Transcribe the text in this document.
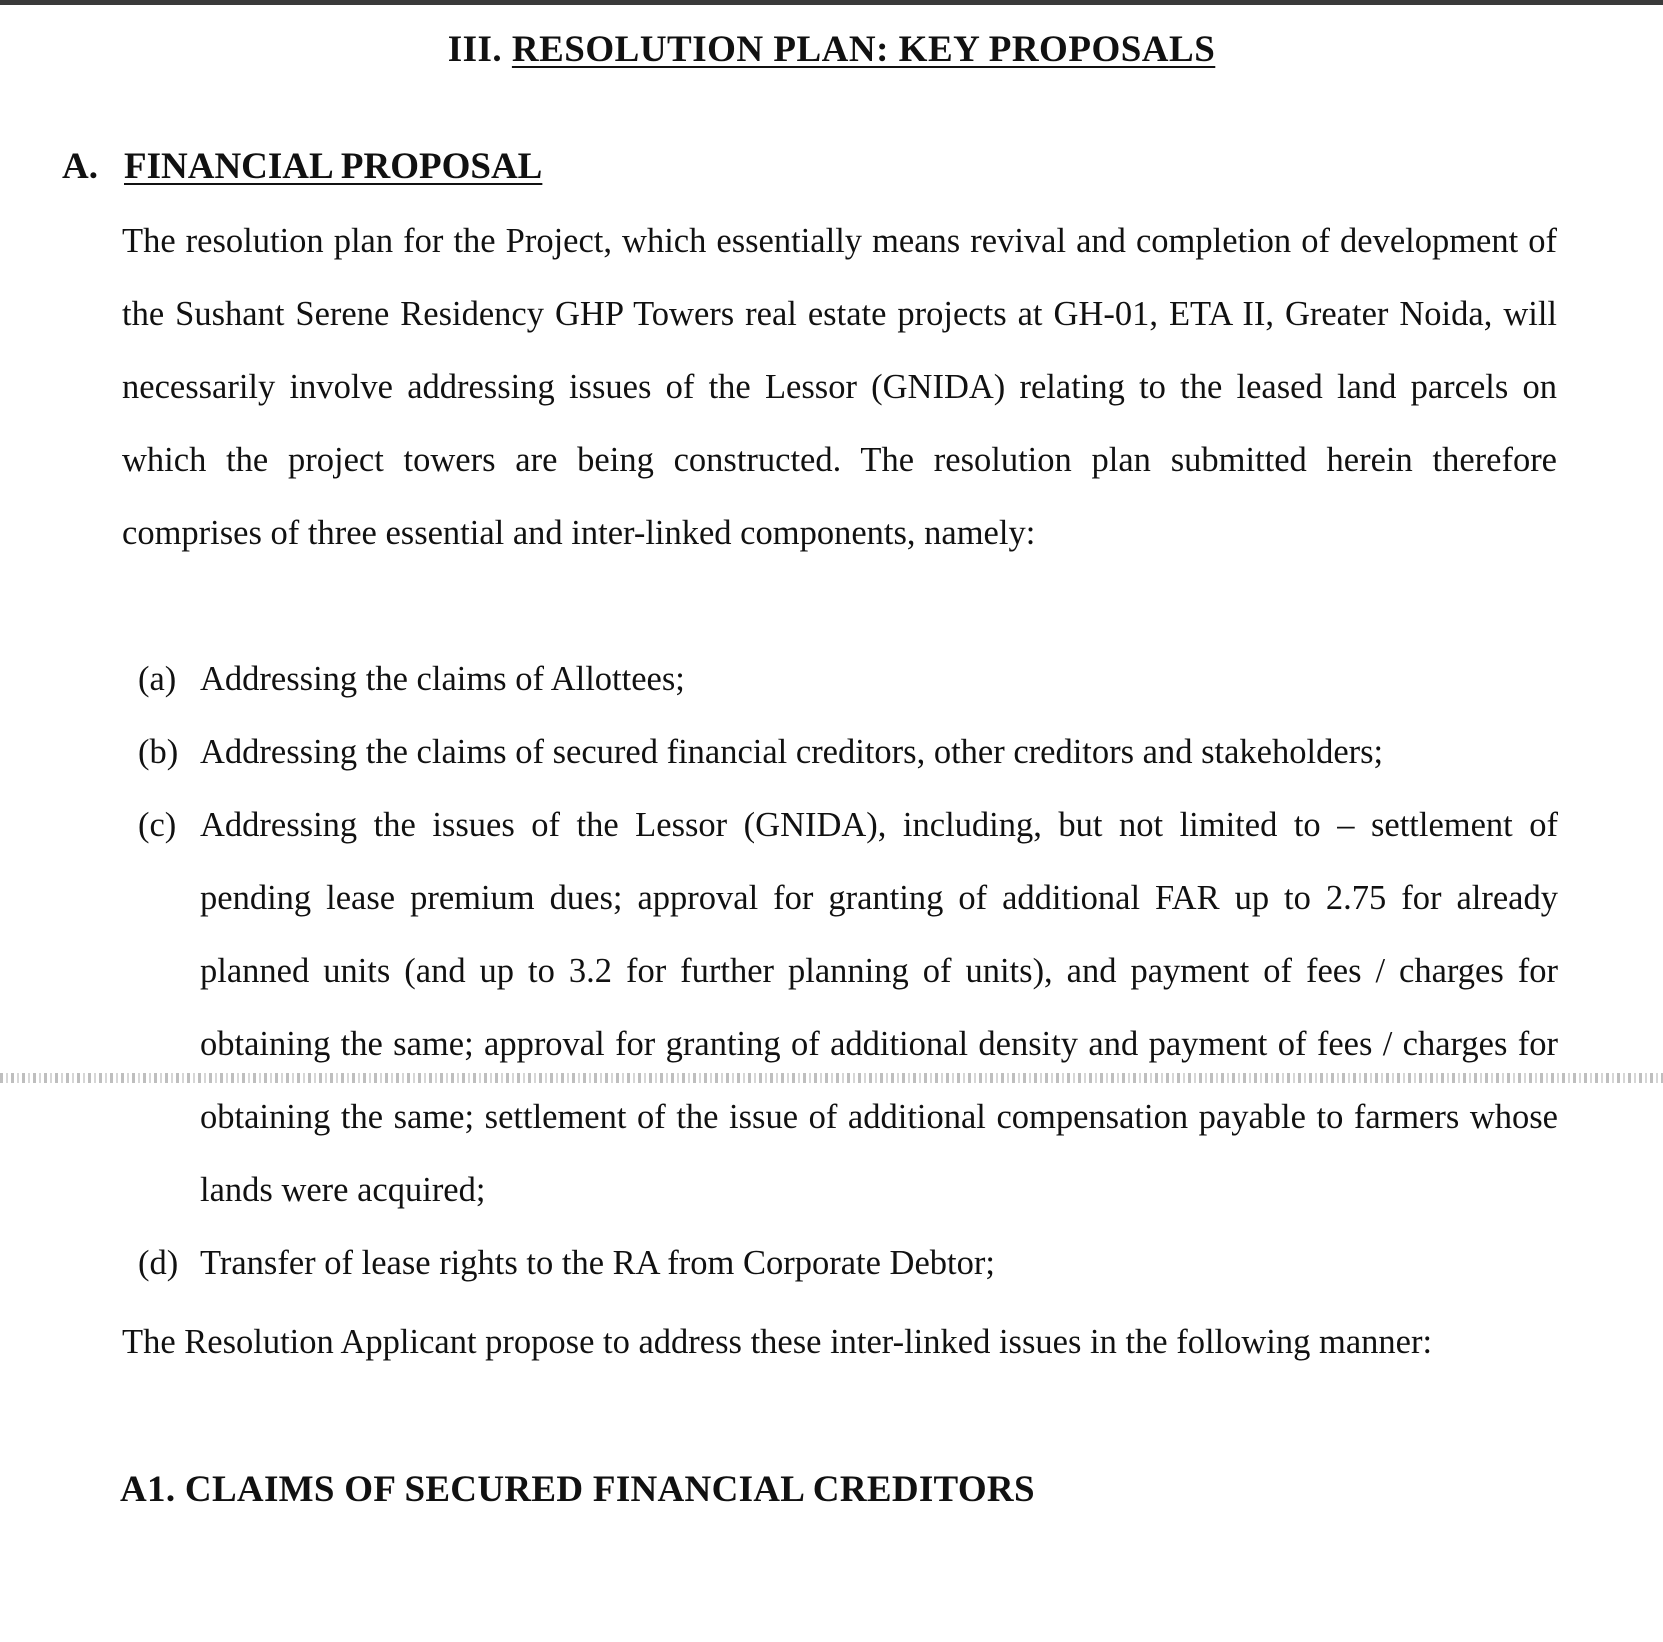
III. RESOLUTION PLAN: KEY PROPOSALS
A. FINANCIAL PROPOSAL

The resolution plan for the Project, which essentially means revival and completion of development of the Sushant Serene Residency GHP Towers real estate projects at GH-01, ETA II, Greater Noida, will necessarily involve addressing issues of the Lessor (GNIDA) relating to the leased land parcels on which the project towers are being constructed. The resolution plan submitted herein therefore comprises of three essential and inter-linked components, namely:

(a) Addressing the claims of Allottees;
(b) Addressing the claims of secured financial creditors, other creditors and stakeholders;
(c) Addressing the issues of the Lessor (GNIDA), including, but not limited to – settlement of pending lease premium dues; approval for granting of additional FAR up to 2.75 for already planned units (and up to 3.2 for further planning of units), and payment of fees / charges for obtaining the same; approval for granting of additional density and payment of fees / charges for obtaining the same; settlement of the issue of additional compensation payable to farmers whose lands were acquired;
(d) Transfer of lease rights to the RA from Corporate Debtor;

The Resolution Applicant propose to address these inter-linked issues in the following manner:

A1. CLAIMS OF SECURED FINANCIAL CREDITORS
